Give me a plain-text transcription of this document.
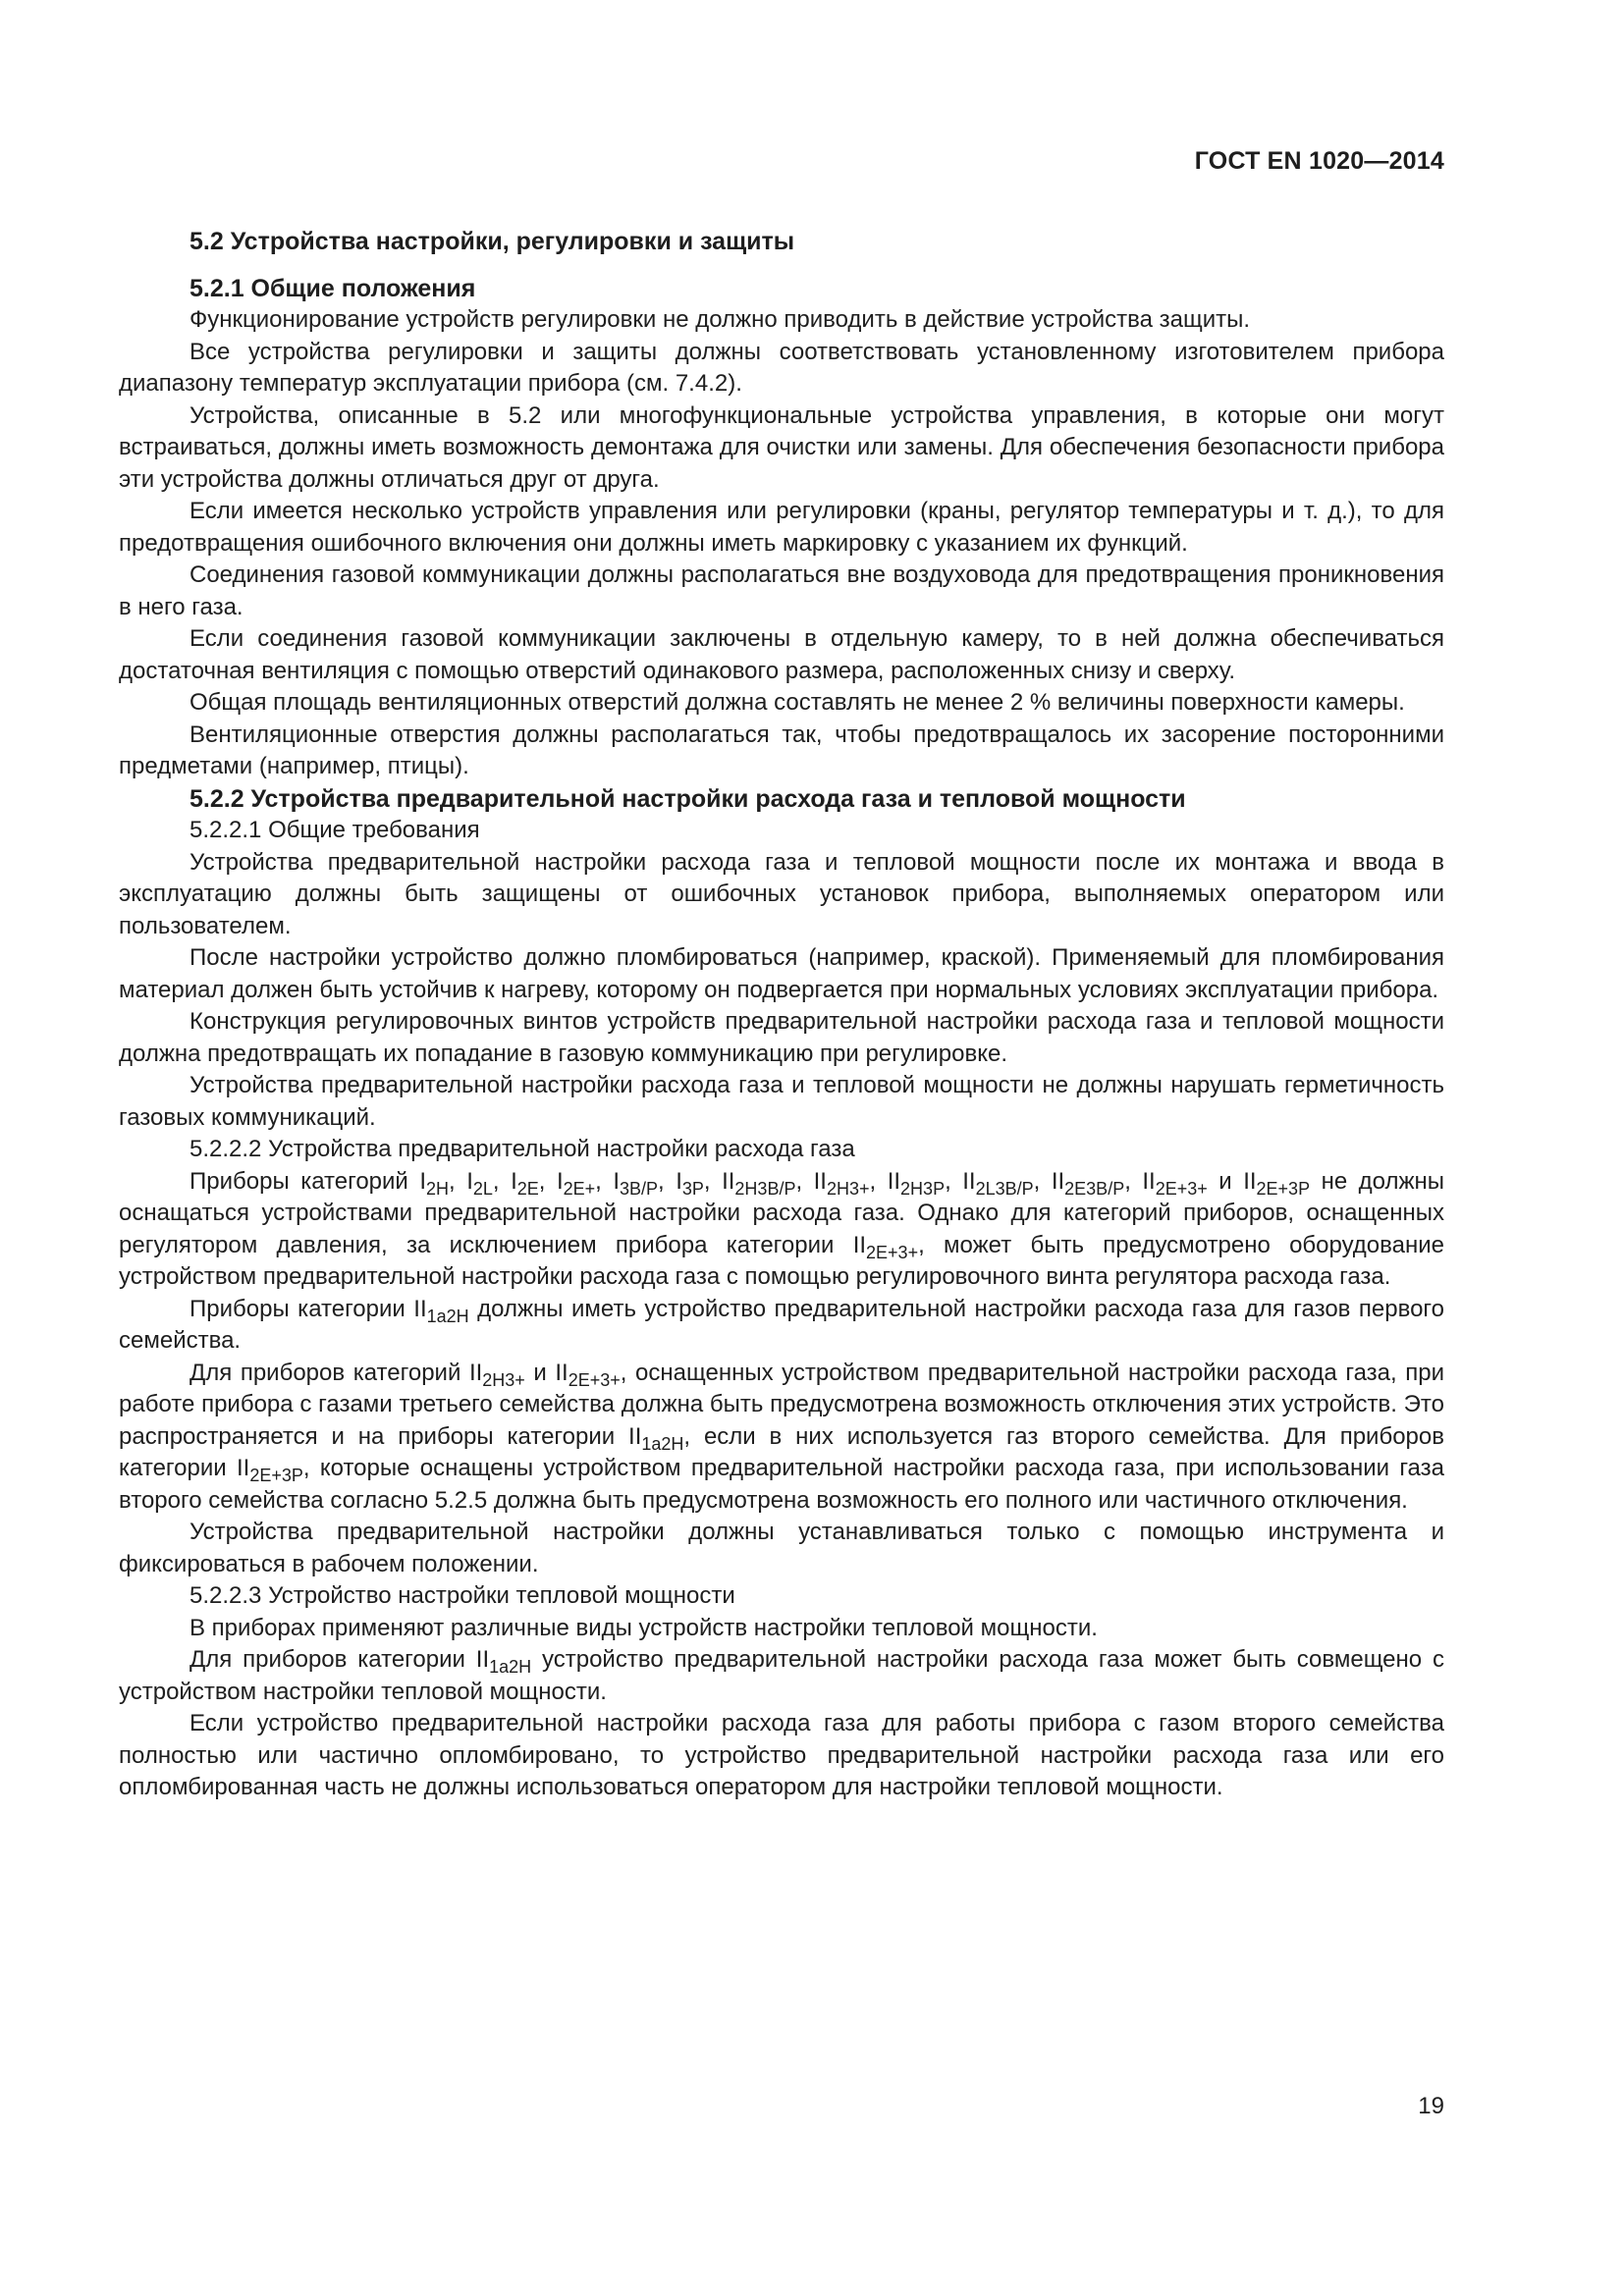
ГОСТ EN 1020—2014

5.2 Устройства настройки, регулировки и защиты

5.2.1 Общие положения

Функционирование устройств регулировки не должно приводить в действие устройства защиты.

Все устройства регулировки и защиты должны соответствовать установленному изготовителем прибора диапазону температур эксплуатации прибора (см. 7.4.2).

Устройства, описанные в 5.2 или многофункциональные устройства управления, в которые они могут встраиваться, должны иметь возможность демонтажа для очистки или замены. Для обеспечения безопасности прибора эти устройства должны отличаться друг от друга.

Если имеется несколько устройств управления или регулировки (краны, регулятор температуры и т. д.), то для предотвращения ошибочного включения они должны иметь маркировку с указанием их функций.

Соединения газовой коммуникации должны располагаться вне воздуховода для предотвращения проникновения в него газа.

Если соединения газовой коммуникации заключены в отдельную камеру, то в ней должна обеспечиваться достаточная вентиляция с помощью отверстий одинакового размера, расположенных снизу и сверху.

Общая площадь вентиляционных отверстий должна составлять не менее 2 % величины поверхности камеры.

Вентиляционные отверстия должны располагаться так, чтобы предотвращалось их засорение посторонними предметами (например, птицы).

5.2.2 Устройства предварительной настройки расхода газа и тепловой мощности

5.2.2.1 Общие требования

Устройства предварительной настройки расхода газа и тепловой мощности после их монтажа и ввода в эксплуатацию должны быть защищены от ошибочных установок прибора, выполняемых оператором или пользователем.

После настройки устройство должно пломбироваться (например, краской). Применяемый для пломбирования материал должен быть устойчив к нагреву, которому он подвергается при нормальных условиях эксплуатации прибора.

Конструкция регулировочных винтов устройств предварительной настройки расхода газа и тепловой мощности должна предотвращать их попадание в газовую коммуникацию при регулировке.

Устройства предварительной настройки расхода газа и тепловой мощности не должны нарушать герметичность газовых коммуникаций.

5.2.2.2 Устройства предварительной настройки расхода газа

Приборы категорий $I_{2H}$, $I_{2L}$, $I_{2E}$, $I_{2E+}$, $I_{3B/P}$, $I_{3P}$, $II_{2H3B/P}$, $II_{2H3+}$, $II_{2H3P}$, $II_{2L3B/P}$, $II_{2E3B/P}$, $II_{2E+3+}$ и $II_{2E+3P}$ не должны оснащаться устройствами предварительной настройки расхода газа. Однако для категорий приборов, оснащенных регулятором давления, за исключением прибора категории $II_{2E+3+}$, может быть предусмотрено оборудование устройством предварительной настройки расхода газа с помощью регулировочного винта регулятора расхода газа.

Приборы категории $II_{1a2H}$ должны иметь устройство предварительной настройки расхода газа для газов первого семейства.

Для приборов категорий $II_{2H3+}$ и $II_{2E+3+}$, оснащенных устройством предварительной настройки расхода газа, при работе прибора с газами третьего семейства должна быть предусмотрена возможность отключения этих устройств. Это распространяется и на приборы категории $II_{1a2H}$, если в них используется газ второго семейства. Для приборов категории $II_{2E+3P}$, которые оснащены устройством предварительной настройки расхода газа, при использовании газа второго семейства согласно 5.2.5 должна быть предусмотрена возможность его полного или частичного отключения.

Устройства предварительной настройки должны устанавливаться только с помощью инструмента и фиксироваться в рабочем положении.

5.2.2.3 Устройство настройки тепловой мощности

В приборах применяют различные виды устройств настройки тепловой мощности.

Для приборов категории $II_{1a2H}$ устройство предварительной настройки расхода газа может быть совмещено с устройством настройки тепловой мощности.

Если устройство предварительной настройки расхода газа для работы прибора с газом второго семейства полностью или частично опломбировано, то устройство предварительной настройки расхода газа или его опломбированная часть не должны использоваться оператором для настройки тепловой мощности.

19
